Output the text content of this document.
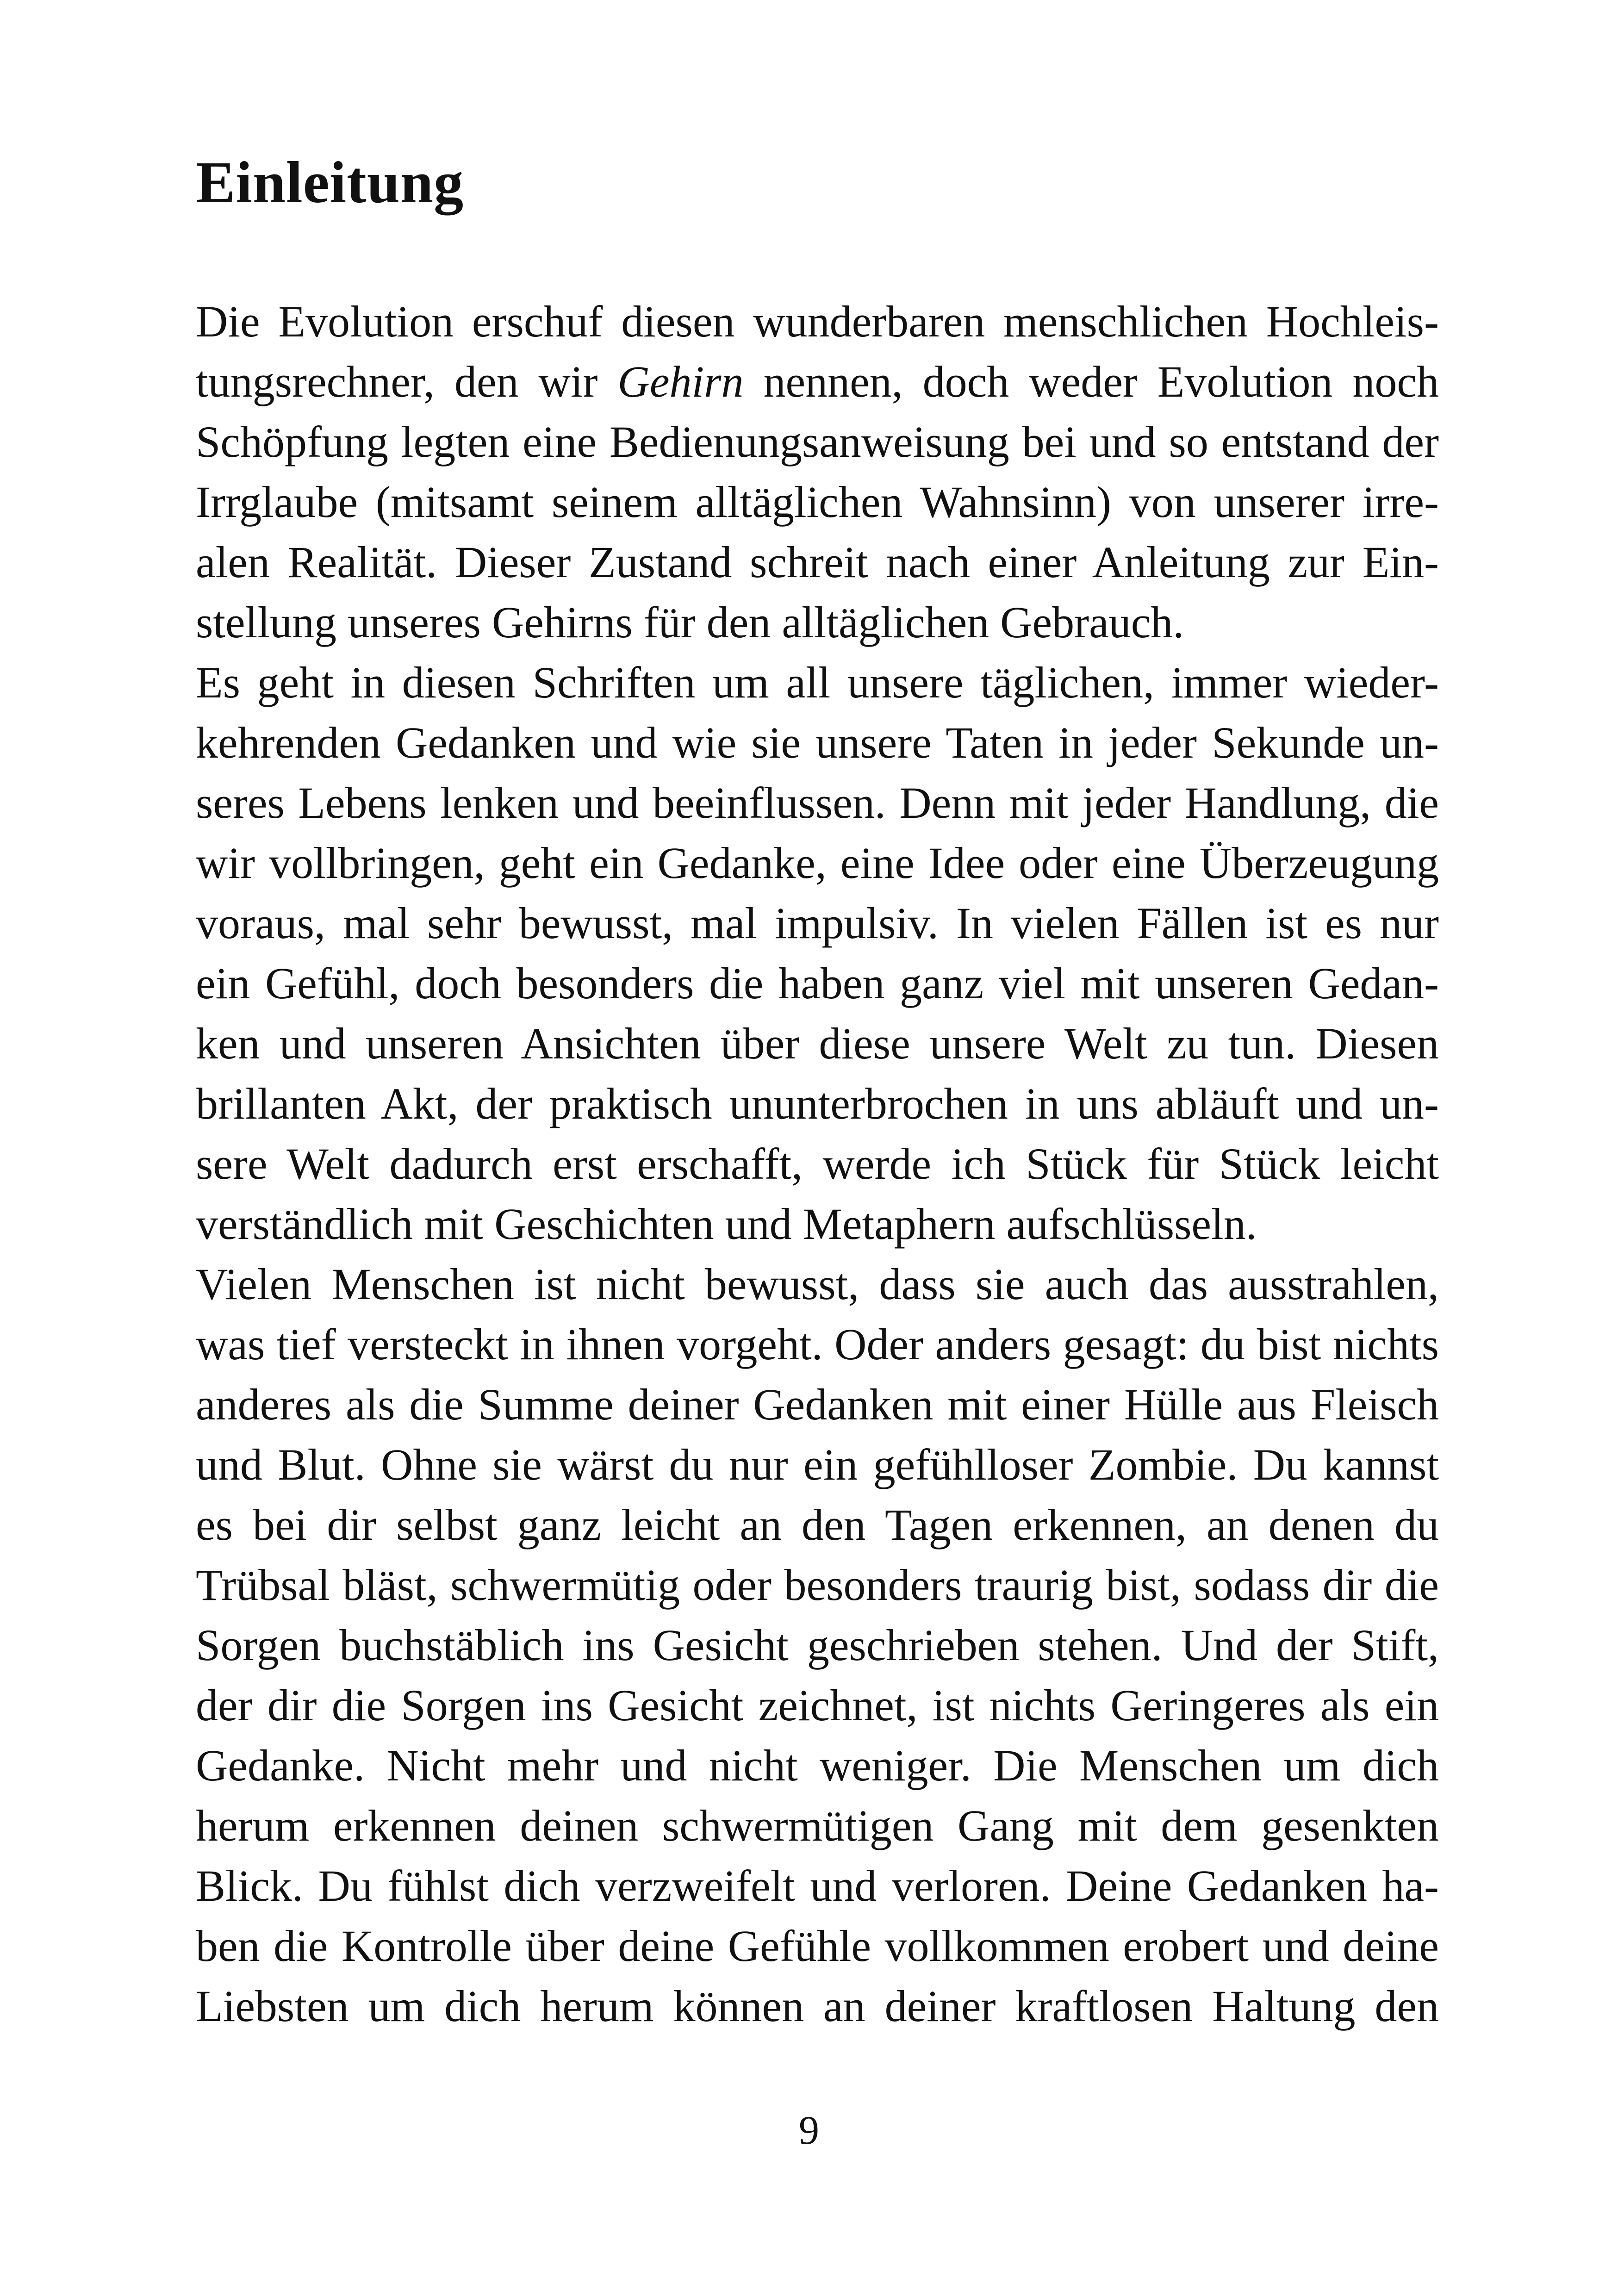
Einleitung
Die Evolution erschuf diesen wunderbaren menschlichen Hochleis-
tungsrechner, den wir Gehirn nennen, doch weder Evolution noch
Schöpfung legten eine Bedienungsanweisung bei und so entstand der
Irrglaube (mitsamt seinem alltäglichen Wahnsinn) von unserer irre-
alen Realität. Dieser Zustand schreit nach einer Anleitung zur Ein-
stellung unseres Gehirns für den alltäglichen Gebrauch.
Es geht in diesen Schriften um all unsere täglichen, immer wieder-
kehrenden Gedanken und wie sie unsere Taten in jeder Sekunde un-
seres Lebens lenken und beeinflussen. Denn mit jeder Handlung, die
wir vollbringen, geht ein Gedanke, eine Idee oder eine Überzeugung
voraus, mal sehr bewusst, mal impulsiv. In vielen Fällen ist es nur
ein Gefühl, doch besonders die haben ganz viel mit unseren Gedan-
ken und unseren Ansichten über diese unsere Welt zu tun. Diesen
brillanten Akt, der praktisch ununterbrochen in uns abläuft und un-
sere Welt dadurch erst erschafft, werde ich Stück für Stück leicht
verständlich mit Geschichten und Metaphern aufschlüsseln.
Vielen Menschen ist nicht bewusst, dass sie auch das ausstrahlen,
was tief versteckt in ihnen vorgeht. Oder anders gesagt: du bist nichts
anderes als die Summe deiner Gedanken mit einer Hülle aus Fleisch
und Blut. Ohne sie wärst du nur ein gefühlloser Zombie. Du kannst
es bei dir selbst ganz leicht an den Tagen erkennen, an denen du
Trübsal bläst, schwermütig oder besonders traurig bist, sodass dir die
Sorgen buchstäblich ins Gesicht geschrieben stehen. Und der Stift,
der dir die Sorgen ins Gesicht zeichnet, ist nichts Geringeres als ein
Gedanke. Nicht mehr und nicht weniger. Die Menschen um dich
herum erkennen deinen schwermütigen Gang mit dem gesenkten
Blick. Du fühlst dich verzweifelt und verloren. Deine Gedanken ha-
ben die Kontrolle über deine Gefühle vollkommen erobert und deine
Liebsten um dich herum können an deiner kraftlosen Haltung den
9
